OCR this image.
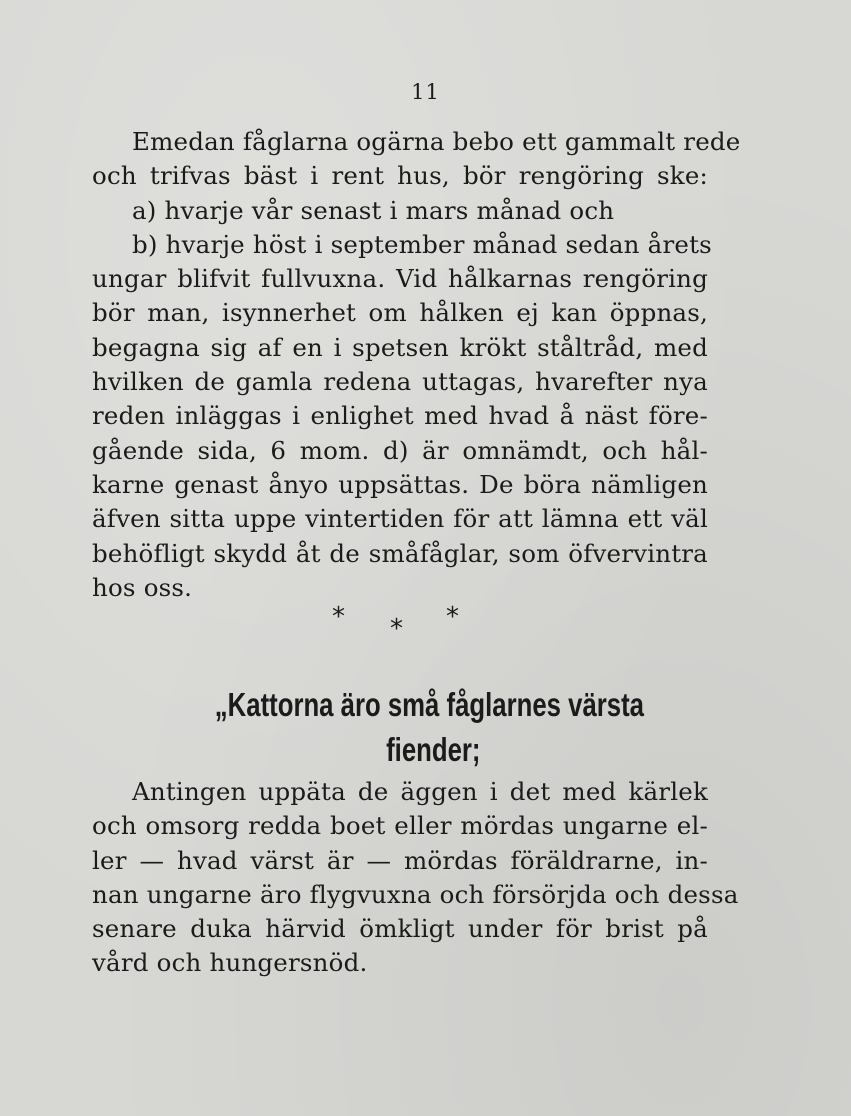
11
Emedan fåglarna ogärna bebo ett gammalt rede
och trifvas bäst i rent hus, bör rengöring ske:
a) hvarje vår senast i mars månad och
b) hvarje höst i september månad sedan årets
ungar blifvit fullvuxna. Vid hålkarnas rengöring
bör man, isynnerhet om hålken ej kan öppnas,
begagna sig af en i spetsen krökt ståltråd, med
hvilken de gamla redena uttagas, hvarefter nya
reden inläggas i enlighet med hvad å näst före-
gående sida, 6 mom. d) är omnämdt, och hål-
karne genast ånyo uppsättas. De böra nämligen
äfven sitta uppe vintertiden för att lämna ett väl
behöfligt skydd åt de småfåglar, som öfvervintra
hos oss.
* * *
„Kattorna äro små fåglarnes värsta
fiender;
Antingen uppäta de äggen i det med kärlek
och omsorg redda boet eller mördas ungarne el-
ler — hvad värst är — mördas föräldrarne, in-
nan ungarne äro flygvuxna och försörjda och dessa
senare duka härvid ömkligt under för brist på
vård och hungersnöd.
